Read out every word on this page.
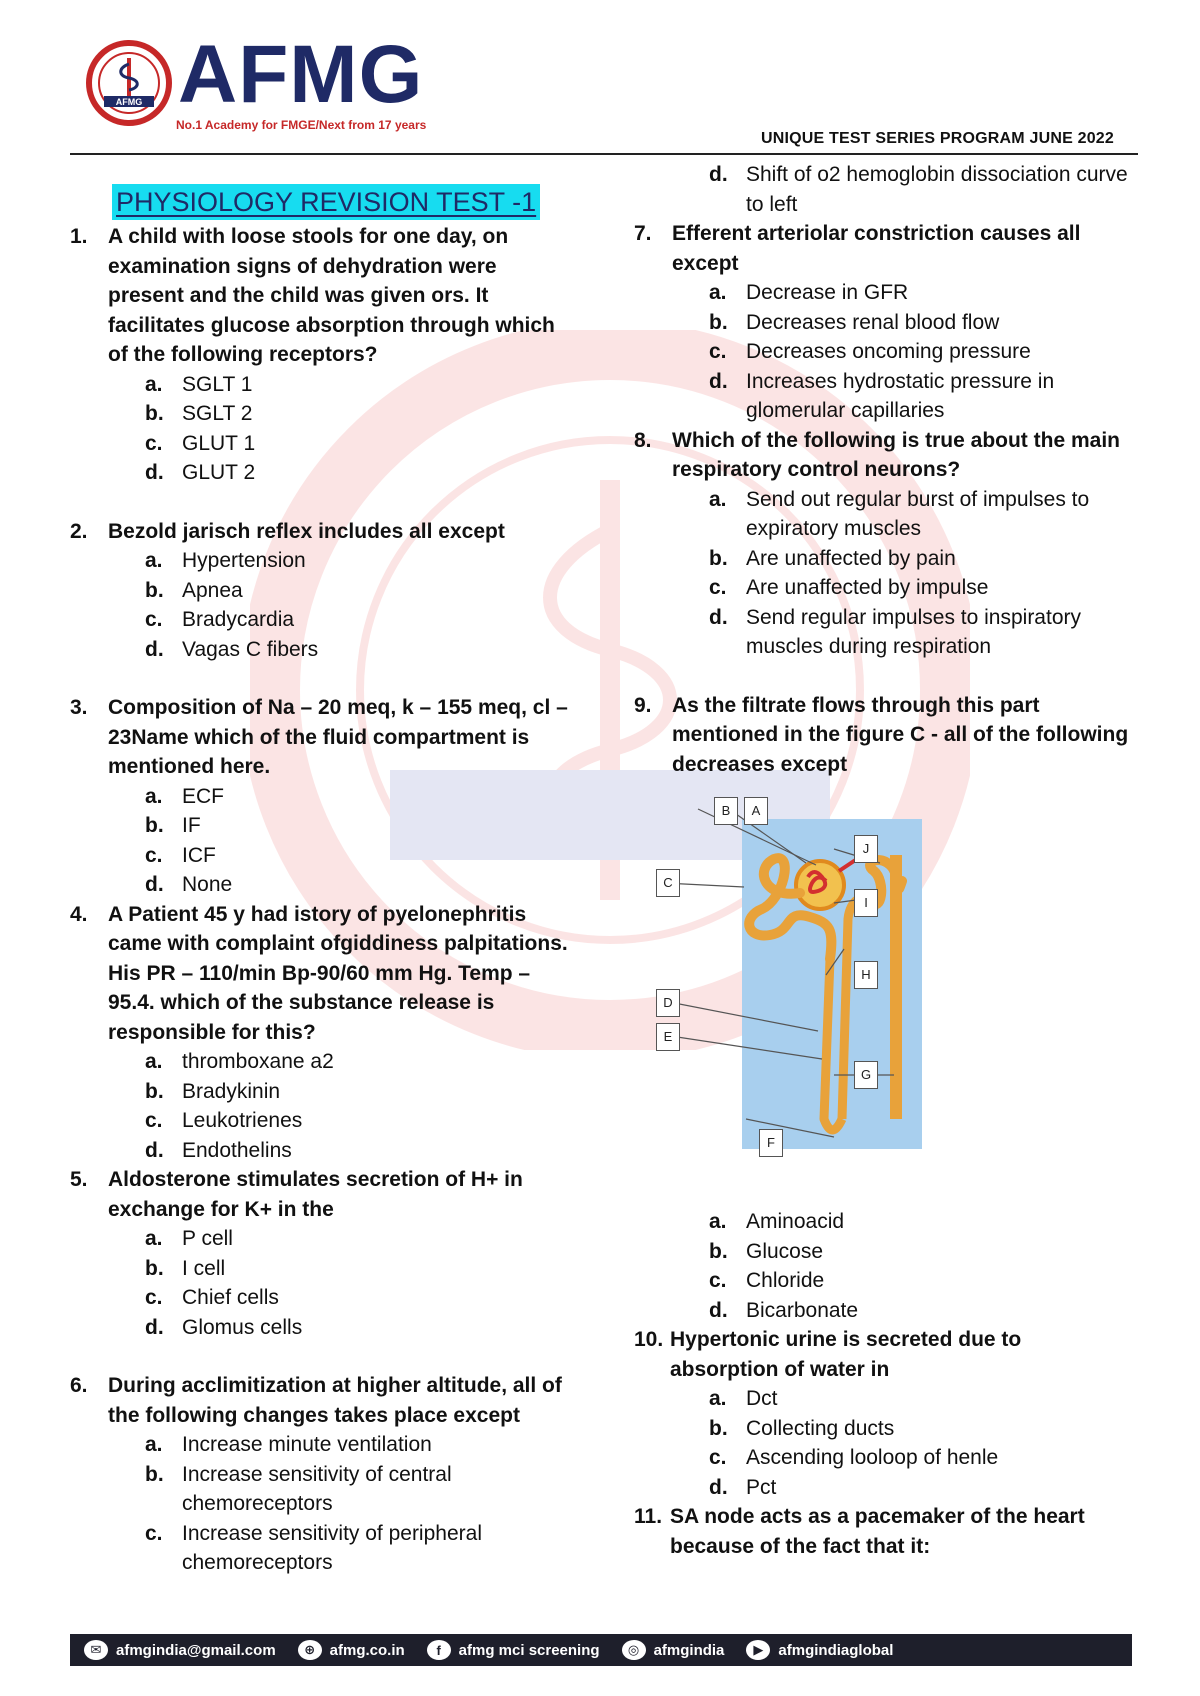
AFMG AFMG
No.1 Academy for FMGE/Next from 17 years
UNIQUE TEST SERIES PROGRAM JUNE 2022
PHYSIOLOGY REVISION TEST -1
1. A child with loose stools for one day, on examination signs of dehydration were present and the child was given ors. It facilitates glucose absorption through which of the following receptors?
a. SGLT 1
b. SGLT 2
c. GLUT 1
d. GLUT 2
2. Bezold jarisch reflex includes all except
a. Hypertension
b. Apnea
c. Bradycardia
d. Vagas C fibers
3. Composition of Na – 20 meq, k – 155 meq, cl – 23Name which of the fluid compartment is mentioned here.
a. ECF
b. IF
c. ICF
d. None
4. A Patient 45 y had istory of pyelonephritis came with complaint ofgiddiness palpitations. His PR – 110/min Bp-90/60 mm Hg. Temp – 95.4. which of the substance release is responsible for this?
a. thromboxane a2
b. Bradykinin
c. Leukotrienes
d. Endothelins
5. Aldosterone stimulates secretion of H+ in exchange for K+ in the
a. P cell
b. I cell
c. Chief cells
d. Glomus cells
6. During acclimitization at higher altitude, all of the following changes takes place except
a. Increase minute ventilation
b. Increase sensitivity of central chemoreceptors
c. Increase sensitivity of peripheral chemoreceptors
d. Shift of o2 hemoglobin dissociation curve to left
7. Efferent arteriolar constriction causes all except
a. Decrease in GFR
b. Decreases renal blood flow
c. Decreases oncoming pressure
d. Increases hydrostatic pressure in glomerular capillaries
8. Which of the following is true about the main respiratory control neurons?
a. Send out regular burst of impulses to expiratory muscles
b. Are unaffected by pain
c. Are unaffected by impulse
d. Send regular impulses to inspiratory muscles during respiration
9. As the filtrate flows through this part mentioned in the figure C - all of the following decreases except
B	A
C
D
E
F
G
H
I
J
a. Aminoacid
b. Glucose
c. Chloride
d. Bicarbonate
10. Hypertonic urine is secreted due to absorption of water in
a. Dct
b. Collecting ducts
c. Ascending looloop of henle
d. Pct
11. SA node acts as a pacemaker of the heart because of the fact that it:
✉ afmgindia@gmail.com	⊕ afmg.co.in	f	afmg mci screening	◎ afmgindia	▶	afmgindiaglobal
